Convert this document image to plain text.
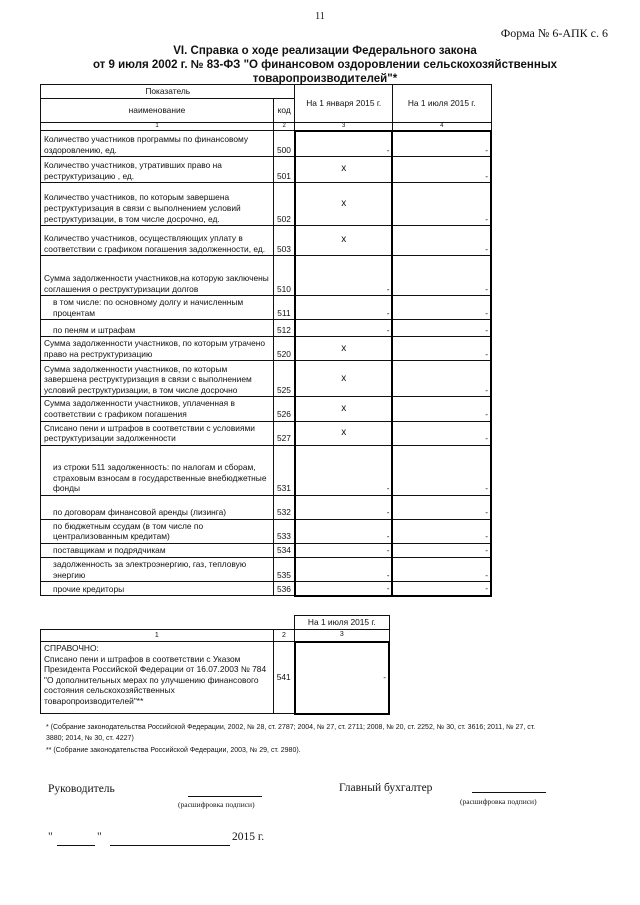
11
Форма № 6-АПК с. 6
VI. Справка о ходе реализации Федерального закона
от 9 июля 2002 г. № 83-ФЗ "О финансовом оздоровлении сельскохозяйственных
товаропроизводителей"*
Показатель		На 1 января 2015 г.	На 1 июля 2015 г.
наименование	код		
1	2	3	4
Количество участников программы по финансовому оздоровлению, ед.	500	-	-
Количество участников, утративших право на реструктуризацию , ед.	501	х	-
Количество участников, по которым завершена реструктуризация в связи с выполнением условий реструктуризации, в том числе досрочно, ед.	502	х	-
Количество участников, осуществляющих уплату в соответствии с графиком погашения задолженности, ед.	503	х	-
Сумма задолженности участников,на которую заключены соглашения о реструктуризации долгов	510	-	-
в том числе: по основному долгу и начисленным процентам	511	-	-
по пеням и штрафам	512	-	-
Сумма задолженности участников, по которым утрачено право на реструктуризацию	520	х	-
Сумма задолженности участников, по которым завершена реструктуризация в связи с выполнением условий реструктуризации, в том числе досрочно	525	х	-
Сумма задолженности участников, уплаченная в соответствии с графиком погашения	526	х	-
Списано пени и штрафов в соответствии с условиями реструктуризации задолженности	527	х	-
из строки 511 задолженность: по налогам и сборам, страховым взносам в государственные внебюджетные фонды	531	-	-
по договорам финансовой аренды (лизинга)	532	-	-
по бюджетным ссудам (в том числе по централизованным кредитам)	533	-	-
поставщикам и подрядчикам	534	-	-
задолженность за электроэнергию, газ, тепловую энергию	535	-	-
прочие кредиторы	536	-	-
		На 1 июля 2015 г.
1	2	3

СПРАВОЧНО:
Списано пени и штрафов в соответствии с Указом Президента Российской Федерации от 16.07.2003 № 784 "О дополнительных мерах по улучшению финансового состояния сельскохозяйственных товаропроизводителей"**	541	-
* (Собрание законодательства Российской Федерации, 2002, № 28, ст. 2787; 2004, № 27, ст. 2711; 2008, № 20, ст. 2252, № 30, ст. 3616; 2011, № 27, ст. 3880; 2014, № 30, ст. 4227)
** (Собрание законодательства Российской Федерации, 2003, № 29, ст. 2980).
Руководитель
(расшифровка подписи)
Главный бухгалтер
(расшифровка подписи)
"	"	2015 г.
